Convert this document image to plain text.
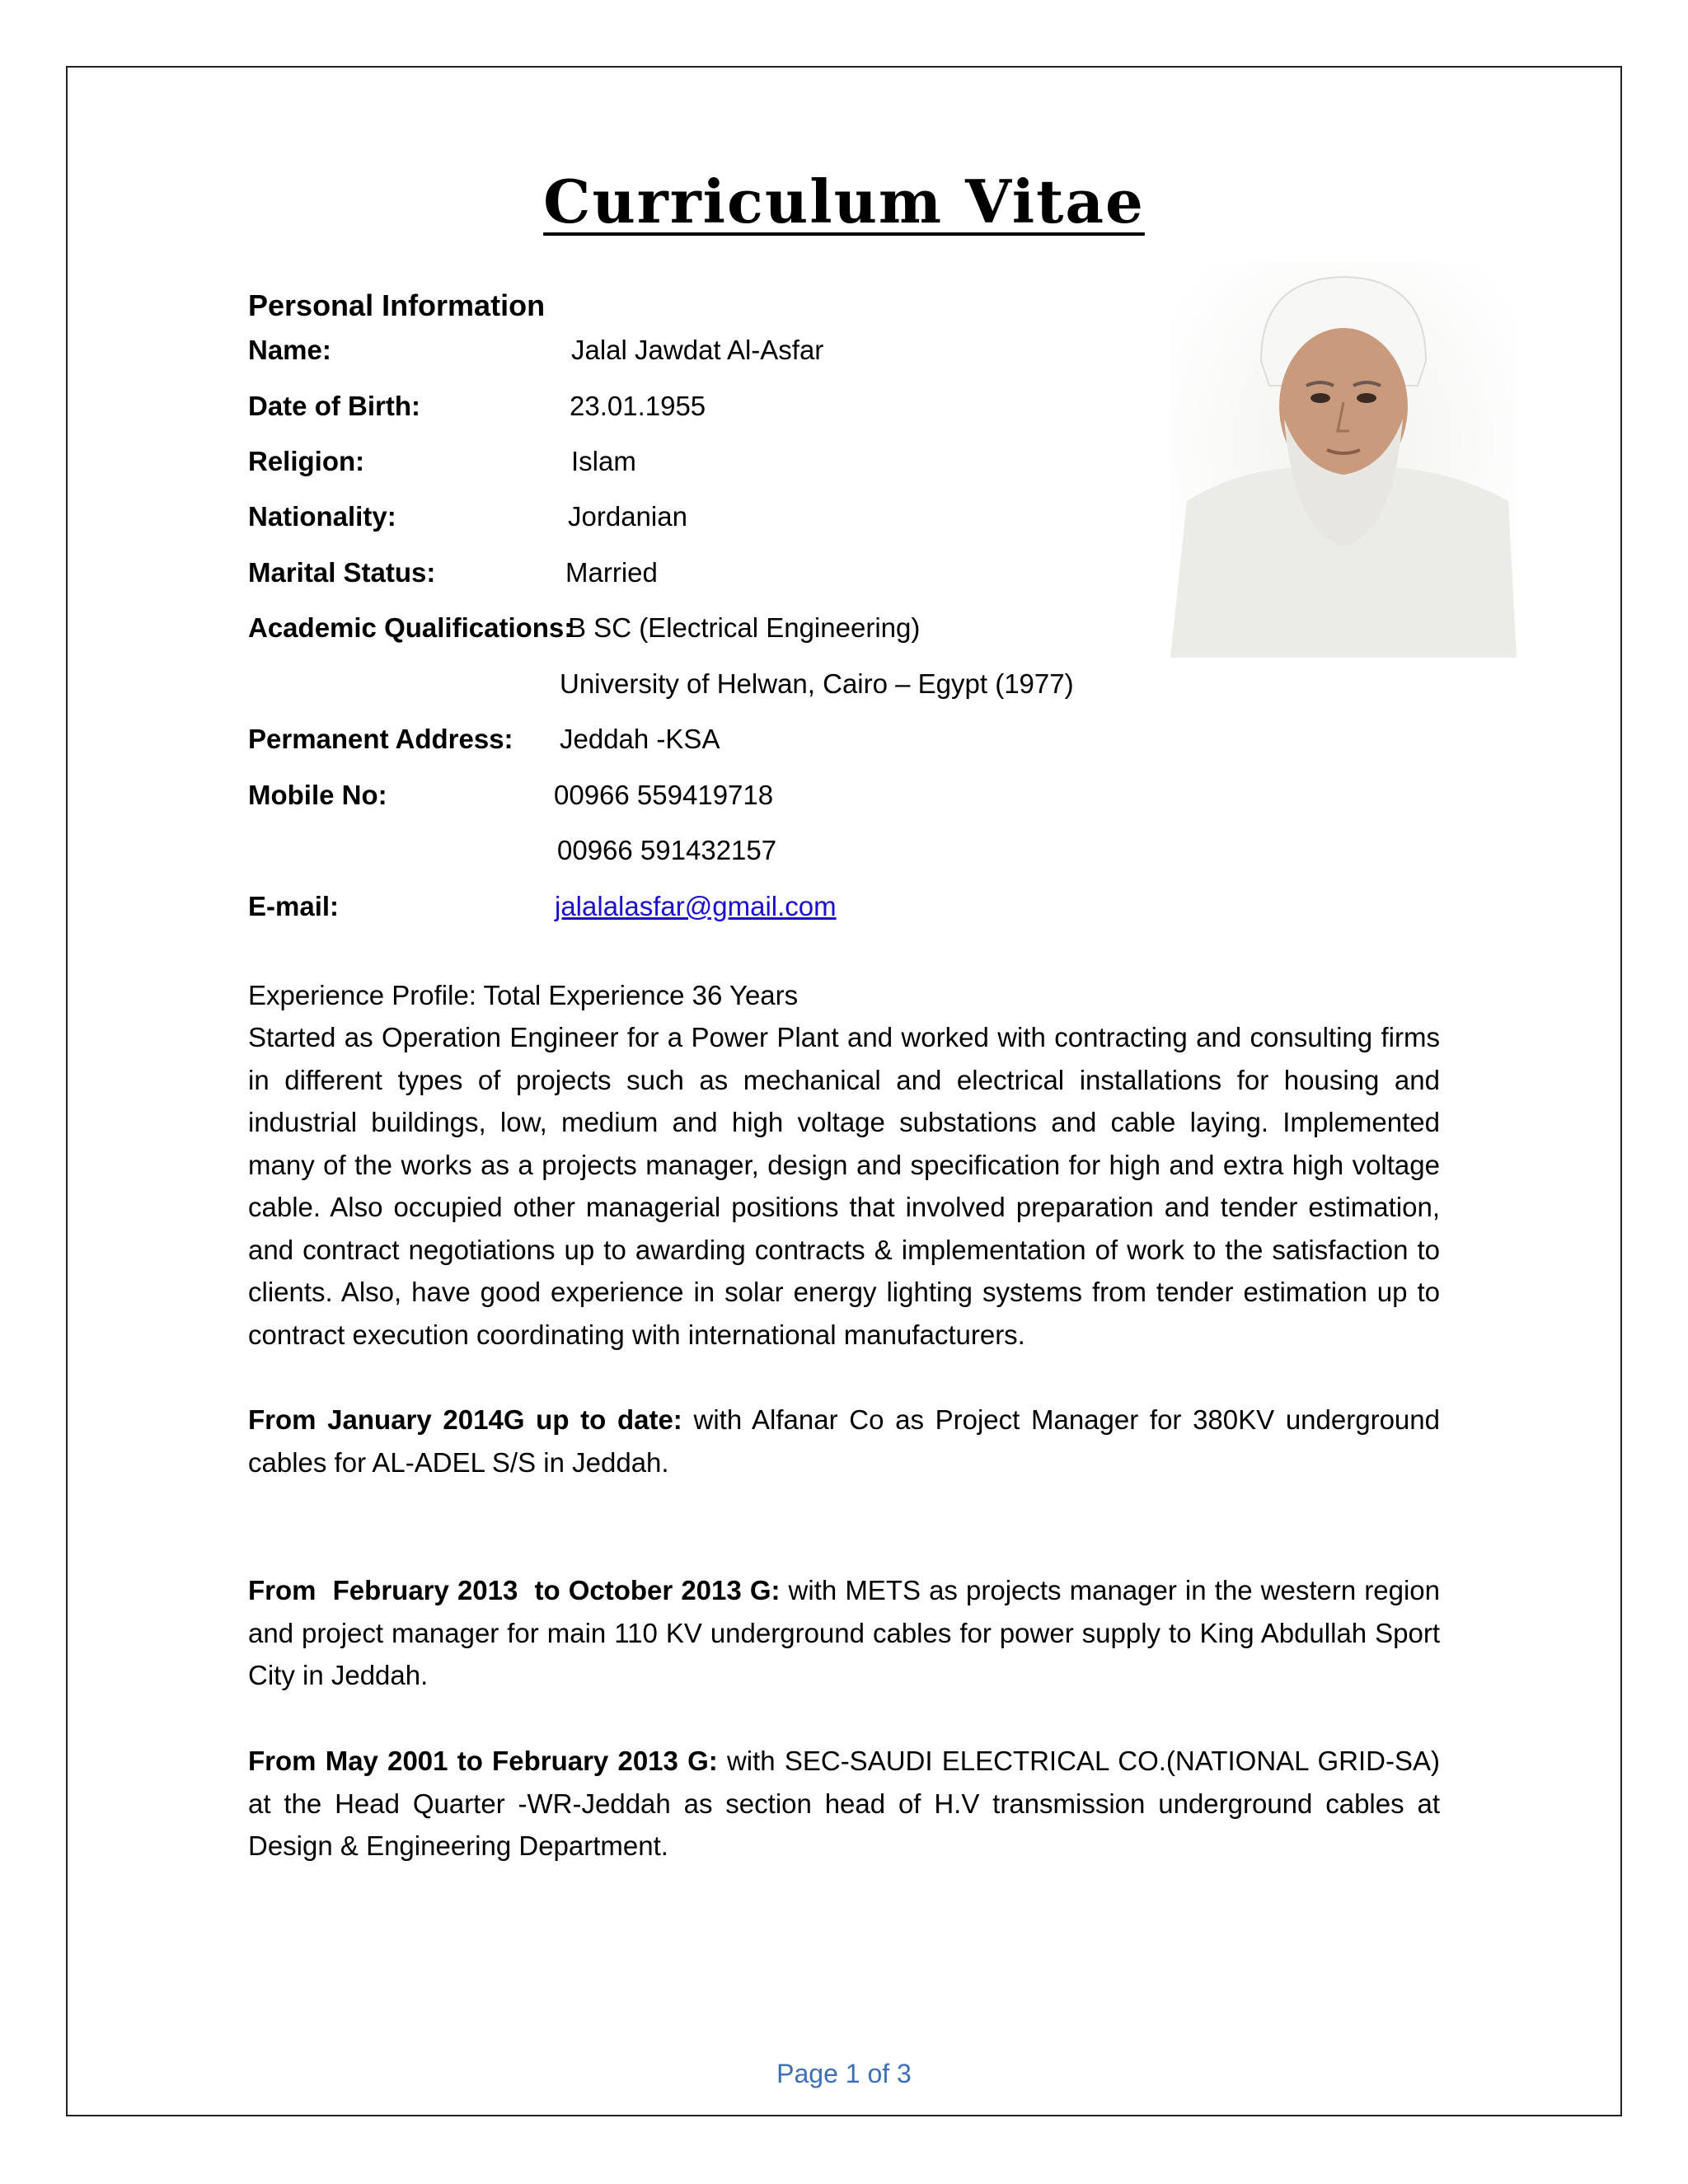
Curriculum Vitae
Personal Information
Name:	Jalal Jawdat Al-Asfar
Date of Birth:	23.01.1955
Religion:	Islam
Nationality:	Jordanian
Marital Status:	Married
Academic Qualifications:
B SC (Electrical Engineering)
University of Helwan, Cairo – Egypt (1977)
Permanent Address: Jeddah -KSA
Mobile No:	00966 559419718
00966 591432157
E-mail:	jalalalasfar@gmail.com
Experience Profile: Total Experience 36 Years
Started as Operation Engineer for a Power Plant and worked with contracting and consulting firms in different types of projects such as mechanical and electrical installations for housing and industrial buildings, low, medium and high voltage substations and cable laying. Implemented many of the works as a projects manager, design and specification for high and extra high voltage cable. Also occupied other managerial positions that involved preparation and tender estimation, and contract negotiations up to awarding contracts & implementation of work to the satisfaction to clients. Also, have good experience in solar energy lighting systems from tender estimation up to contract execution coordinating with international manufacturers.
From January 2014G up to date: with Alfanar Co as Project Manager for 380KV underground cables for AL-ADEL S/S in Jeddah.
From  February 2013  to October 2013 G: with METS as projects manager in the western region and project manager for main 110 KV underground cables for power supply to King Abdullah Sport City in Jeddah.
From May 2001 to February 2013 G: with SEC-SAUDI ELECTRICAL CO.(NATIONAL GRID-SA) at the Head Quarter -WR-Jeddah as section head of H.V transmission underground cables at Design & Engineering Department.
Page 1 of 3
